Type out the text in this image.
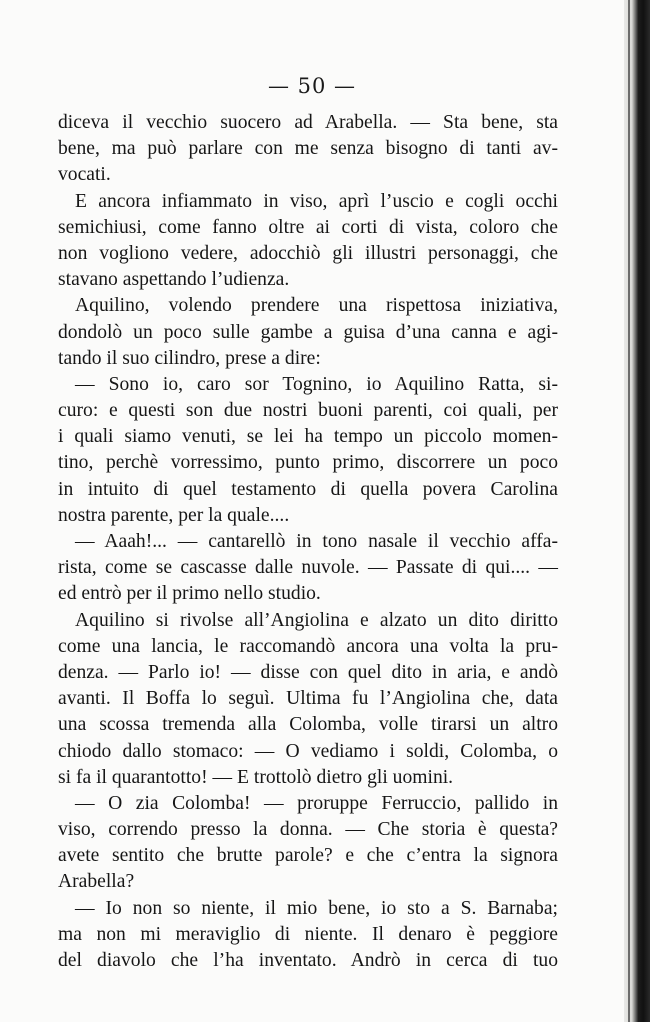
— 50 —
diceva il vecchio suocero ad Arabella. — Sta bene, sta
bene, ma può parlare con me senza bisogno di tanti av-
vocati.
E ancora infiammato in viso, aprì l’uscio e cogli occhi
semichiusi, come fanno oltre ai corti di vista, coloro che
non vogliono vedere, adocchiò gli illustri personaggi, che
stavano aspettando l’udienza.
Aquilino, volendo prendere una rispettosa iniziativa,
dondolò un poco sulle gambe a guisa d’una canna e agi-
tando il suo cilindro, prese a dire:
— Sono io, caro sor Tognino, io Aquilino Ratta, si-
curo: e questi son due nostri buoni parenti, coi quali, per
i quali siamo venuti, se lei ha tempo un piccolo momen-
tino, perchè vorressimo, punto primo, discorrere un poco
in intuito di quel testamento di quella povera Carolina
nostra parente, per la quale....
— Aaah!... — cantarellò in tono nasale il vecchio affa-
rista, come se cascasse dalle nuvole. — Passate di qui.... —
ed entrò per il primo nello studio.
Aquilino si rivolse all’Angiolina e alzato un dito diritto
come una lancia, le raccomandò ancora una volta la pru-
denza. — Parlo io! — disse con quel dito in aria, e andò
avanti. Il Boffa lo seguì. Ultima fu l’Angiolina che, data
una scossa tremenda alla Colomba, volle tirarsi un altro
chiodo dallo stomaco: — O vediamo i soldi, Colomba, o
si fa il quarantotto! — E trottolò dietro gli uomini.
— O zia Colomba! — proruppe Ferruccio, pallido in
viso, correndo presso la donna. — Che storia è questa?
avete sentito che brutte parole? e che c’entra la signora
Arabella?
— Io non so niente, il mio bene, io sto a S. Barnaba;
ma non mi meraviglio di niente. Il denaro è peggiore
del diavolo che l’ha inventato. Andrò in cerca di tuo
